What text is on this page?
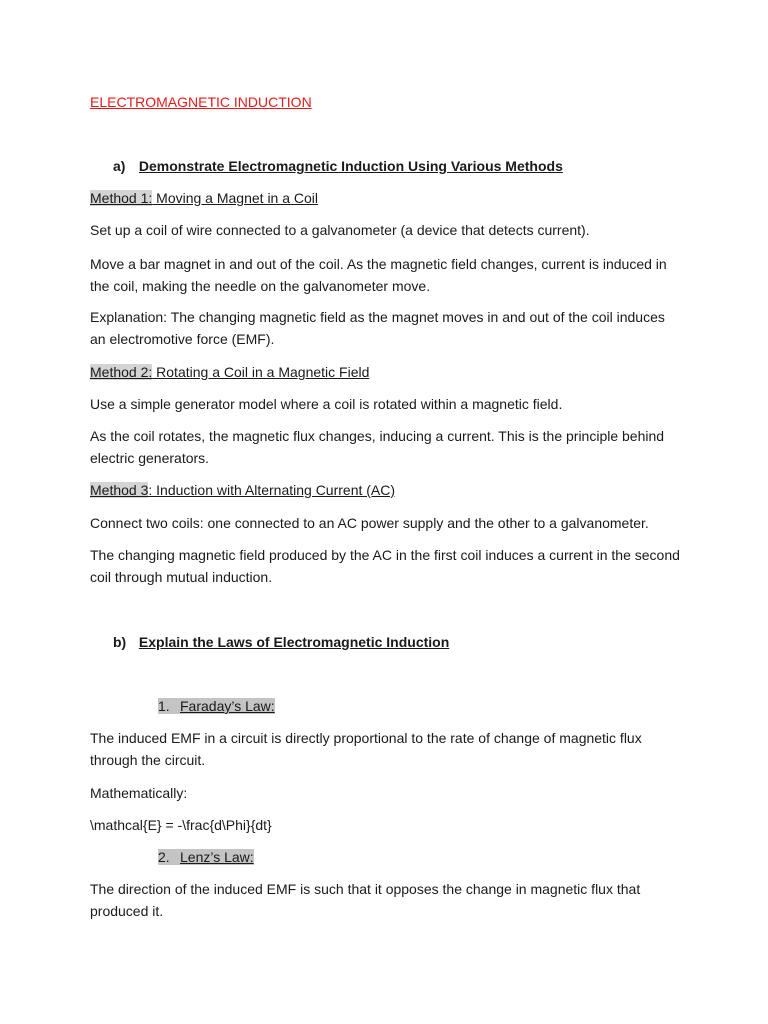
ELECTROMAGNETIC INDUCTION

a) Demonstrate Electromagnetic Induction Using Various Methods

Method 1: Moving a Magnet in a Coil

Set up a coil of wire connected to a galvanometer (a device that detects current).

Move a bar magnet in and out of the coil. As the magnetic field changes, current is induced in the coil, making the needle on the galvanometer move.

Explanation: The changing magnetic field as the magnet moves in and out of the coil induces an electromotive force (EMF).

Method 2: Rotating a Coil in a Magnetic Field

Use a simple generator model where a coil is rotated within a magnetic field.

As the coil rotates, the magnetic flux changes, inducing a current. This is the principle behind electric generators.

Method 3: Induction with Alternating Current (AC)

Connect two coils: one connected to an AC power supply and the other to a galvanometer.

The changing magnetic field produced by the AC in the first coil induces a current in the second coil through mutual induction.

b) Explain the Laws of Electromagnetic Induction

1. Faraday’s Law:

The induced EMF in a circuit is directly proportional to the rate of change of magnetic flux through the circuit.

Mathematically:

\mathcal{E} = -\frac{d\Phi}{dt}

2. Lenz’s Law:

The direction of the induced EMF is such that it opposes the change in magnetic flux that produced it.
